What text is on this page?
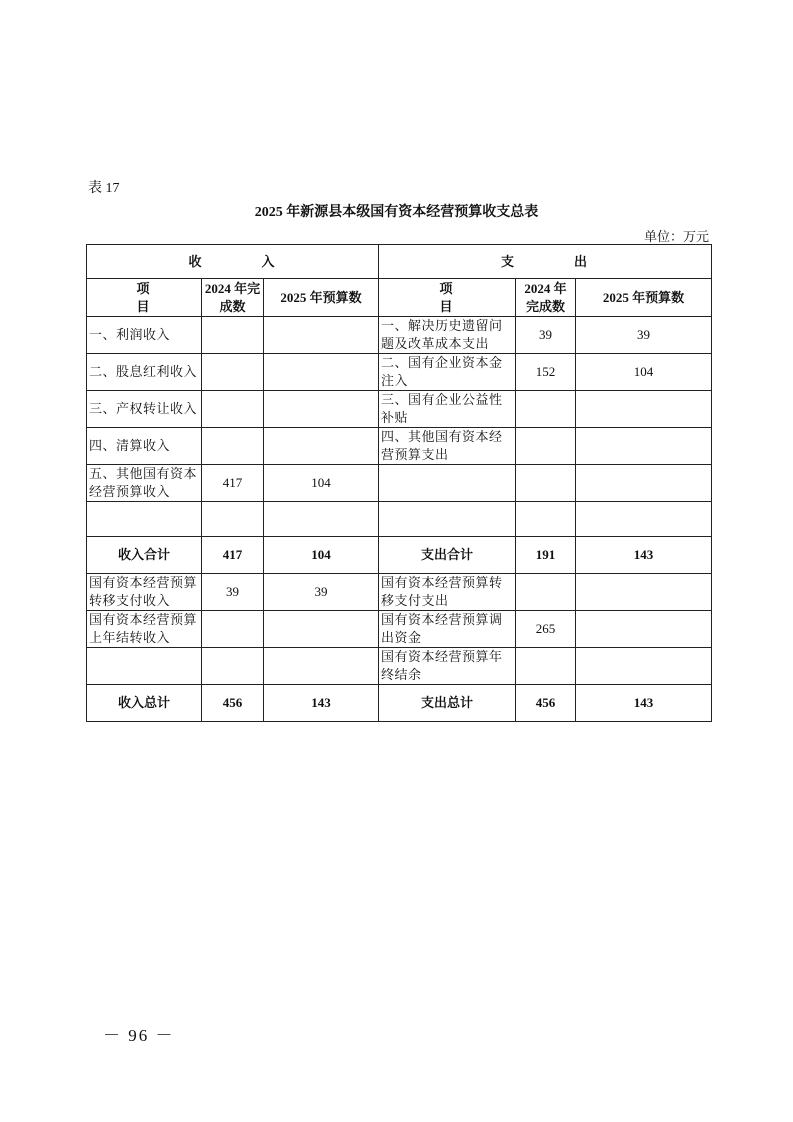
表 17
2025 年新源县本级国有资本经营预算收支总表
单位：万元
收入			支出		
项目	2024 年完成数	2025 年预算数	项目	2024 年完成数	2025 年预算数
一、利润收入			一、解决历史遗留问题及改革成本支出	39	39
二、股息红利收入			二、国有企业资本金注入	152	104
三、产权转让收入			三、国有企业公益性补贴		
四、清算收入			四、其他国有资本经营预算支出		
五、其他国有资本经营预算收入	417	104			

收入合计	417	104	支出合计	191	143
国有资本经营预算转移支付收入	39	39	国有资本经营预算转移支付支出		
国有资本经营预算上年结转收入			国有资本经营预算调出资金	265	
			国有资本经营预算年终结余		
收入总计	456	143	支出总计	456	143
－ 96 －
